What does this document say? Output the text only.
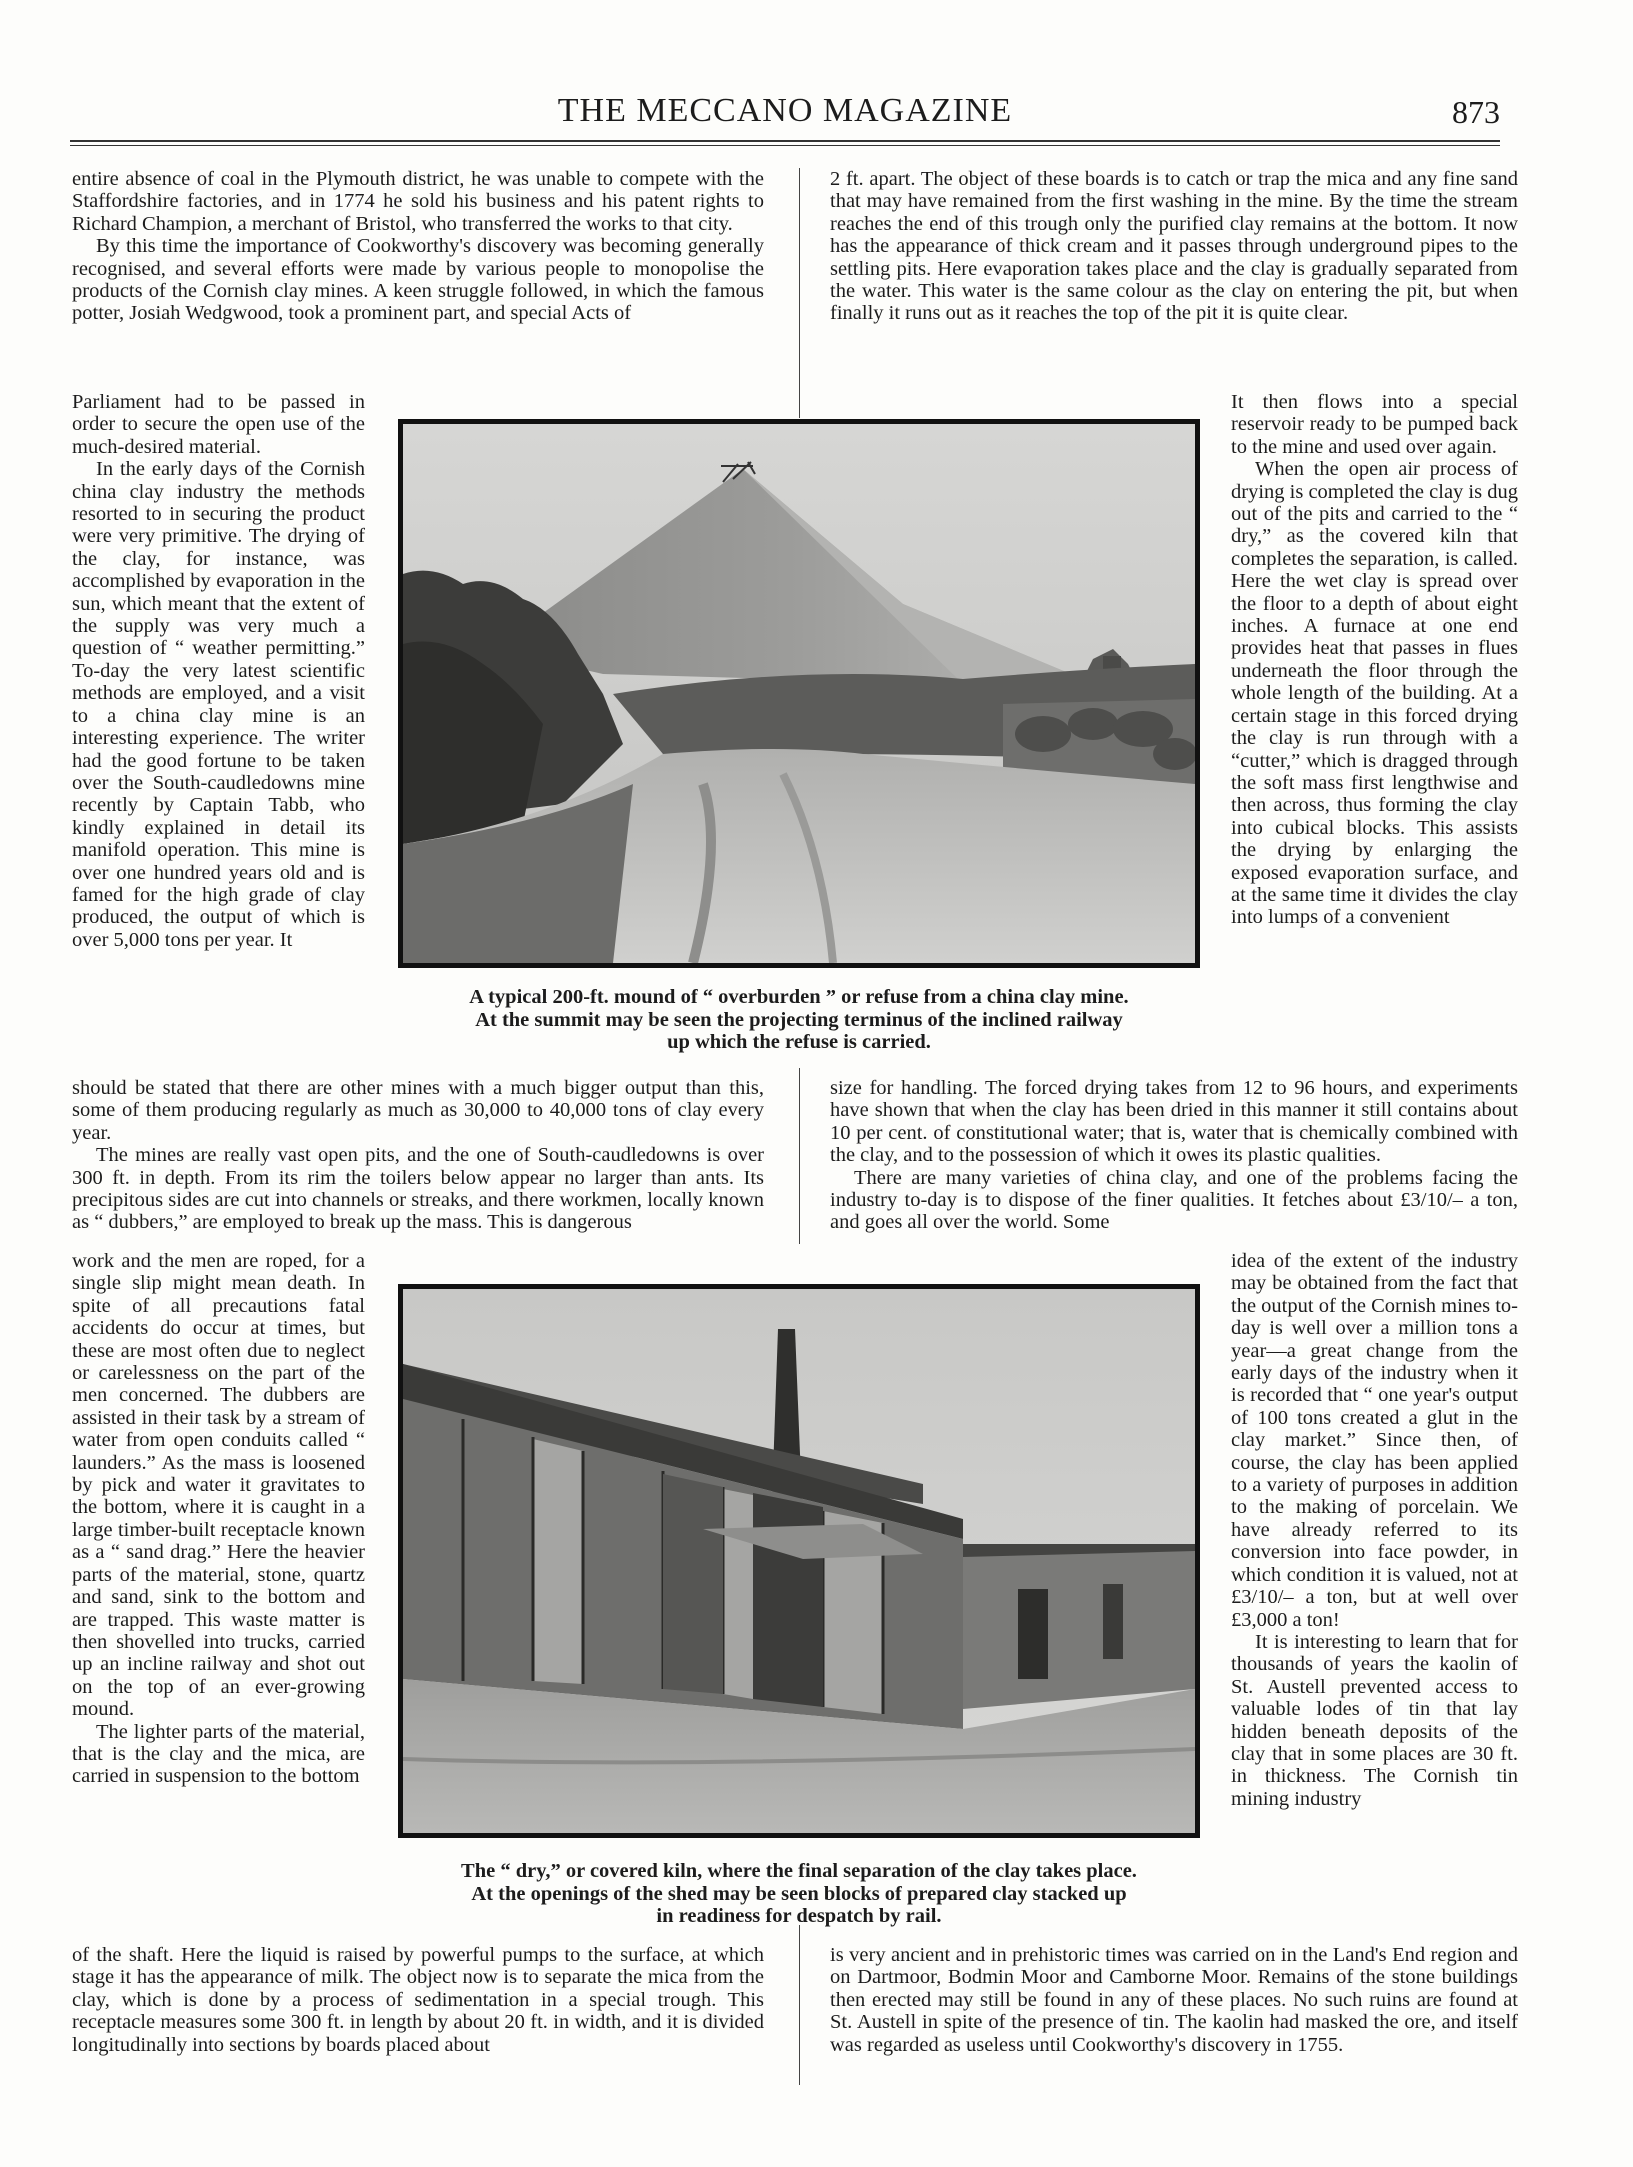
THE MECCANO MAGAZINE	873

entire absence of coal in the Plymouth district, he was unable to compete with the Staffordshire factories, and in 1774 he sold his business and his patent rights to Richard Champion, a merchant of Bristol, who transferred the works to that city.

By this time the importance of Cookworthy's discovery was becoming generally recognised, and several efforts were made by various people to monopolise the products of the Cornish clay mines. A keen struggle followed, in which the famous potter, Josiah Wedgwood, took a prominent part, and special Acts of

Parliament had to be passed in order to secure the open use of the much-desired material.

In the early days of the Cornish china clay industry the methods resorted to in securing the product were very primitive. The drying of the clay, for instance, was accomplished by evaporation in the sun, which meant that the extent of the supply was very much a question of “ weather permitting.” To-day the very latest scientific methods are employed, and a visit to a china clay mine is an interesting experience. The writer had the good fortune to be taken over the South-caudledowns mine recently by Captain Tabb, who kindly explained in detail its manifold operation. This mine is over one hundred years old and is famed for the high grade of clay produced, the output of which is over 5,000 tons per year. It

should be stated that there are other mines with a much bigger output than this, some of them producing regularly as much as 30,000 to 40,000 tons of clay every year.

The mines are really vast open pits, and the one of South-caudledowns is over 300 ft. in depth. From its rim the toilers below appear no larger than ants. Its precipitous sides are cut into channels or streaks, and there workmen, locally known as “ dubbers,” are employed to break up the mass. This is dangerous

work and the men are roped, for a single slip might mean death. In spite of all precautions fatal accidents do occur at times, but these are most often due to neglect or carelessness on the part of the men concerned. The dubbers are assisted in their task by a stream of water from open conduits called “ launders.” As the mass is loosened by pick and water it gravitates to the bottom, where it is caught in a large timber-built receptacle known as a “ sand drag.” Here the heavier parts of the material, stone, quartz and sand, sink to the bottom and are trapped. This waste matter is then shovelled into trucks, carried up an incline railway and shot out on the top of an ever-growing mound.

The lighter parts of the material, that is the clay and the mica, are carried in suspension to the bottom

of the shaft. Here the liquid is raised by powerful pumps to the surface, at which stage it has the appearance of milk. The object now is to separate the mica from the clay, which is done by a process of sedimentation in a special trough. This receptacle measures some 300 ft. in length by about 20 ft. in width, and it is divided longitudinally into sections by boards placed about

2 ft. apart. The object of these boards is to catch or trap the mica and any fine sand that may have remained from the first washing in the mine. By the time the stream reaches the end of this trough only the purified clay remains at the bottom. It now has the appearance of thick cream and it passes through underground pipes to the settling pits. Here evaporation takes place and the clay is gradually separated from the water. This water is the same colour as the clay on entering the pit, but when finally it runs out as it reaches the top of the pit it is quite clear.

It then flows into a special reservoir ready to be pumped back to the mine and used over again.

When the open air process of drying is completed the clay is dug out of the pits and carried to the “ dry,” as the covered kiln that completes the separation, is called. Here the wet clay is spread over the floor to a depth of about eight inches. A furnace at one end provides heat that passes in flues underneath the floor through the whole length of the building. At a certain stage in this forced drying the clay is run through with a “cutter,” which is dragged through the soft mass first lengthwise and then across, thus forming the clay into cubical blocks. This assists the drying by enlarging the exposed evaporation surface, and at the same time it divides the clay into lumps of a convenient

size for handling. The forced drying takes from 12 to 96 hours, and experiments have shown that when the clay has been dried in this manner it still contains about 10 per cent. of constitutional water; that is, water that is chemically combined with the clay, and to the possession of which it owes its plastic qualities.

There are many varieties of china clay, and one of the problems facing the industry to-day is to dispose of the finer qualities. It fetches about £3/10/– a ton, and goes all over the world. Some

idea of the extent of the industry may be obtained from the fact that the output of the Cornish mines to-day is well over a million tons a year—a great change from the early days of the industry when it is recorded that “ one year's output of 100 tons created a glut in the clay market.” Since then, of course, the clay has been applied to a variety of purposes in addition to the making of porcelain. We have already referred to its conversion into face powder, in which condition it is valued, not at £3/10/– a ton, but at well over £3,000 a ton!

It is interesting to learn that for thousands of years the kaolin of St. Austell prevented access to valuable lodes of tin that lay hidden beneath deposits of the clay that in some places are 30 ft. in thickness. The Cornish tin mining industry

is very ancient and in prehistoric times was carried on in the Land's End region and on Dartmoor, Bodmin Moor and Camborne Moor. Remains of the stone buildings then erected may still be found in any of these places. No such ruins are found at St. Austell in spite of the presence of tin. The kaolin had masked the ore, and itself was regarded as useless until Cookworthy's discovery in 1755.

A typical 200-ft. mound of “ overburden ” or refuse from a china clay mine.
At the summit may be seen the projecting terminus of the inclined railway
up which the refuse is carried.
The “ dry,” or covered kiln, where the final separation of the clay takes place.
At the openings of the shed may be seen blocks of prepared clay stacked up
in readiness for despatch by rail.
